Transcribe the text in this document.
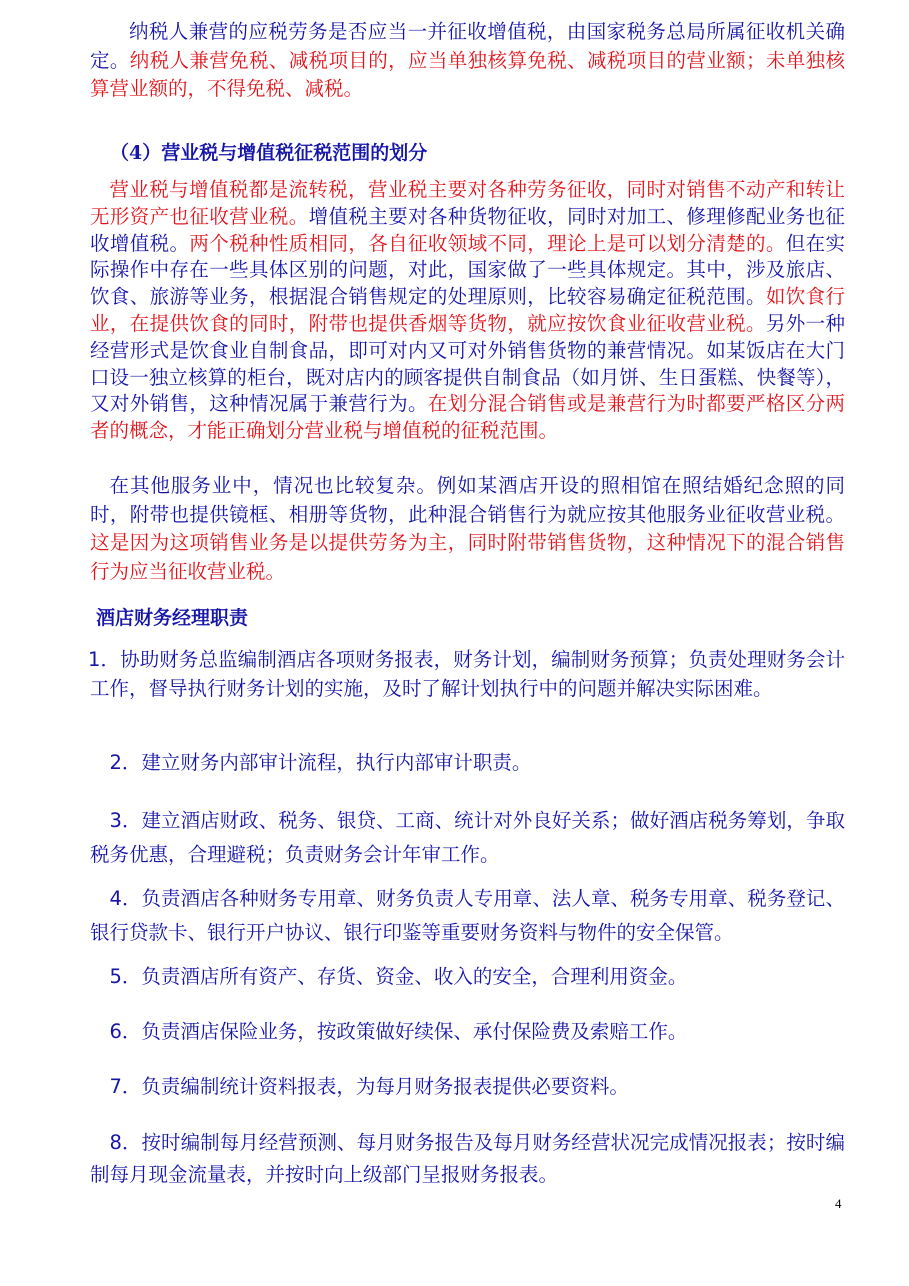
纳税人兼营的应税劳务是否应当一并征收增值税，由国家税务总局所属征收机关确定。纳税人兼营免税、减税项目的，应当单独核算免税、减税项目的营业额；未单独核算营业额的，不得免税、减税。

（4）营业税与增值税征税范围的划分

营业税与增值税都是流转税，营业税主要对各种劳务征收，同时对销售不动产和转让无形资产也征收营业税。增值税主要对各种货物征收，同时对加工、修理修配业务也征收增值税。两个税种性质相同，各自征收领域不同，理论上是可以划分清楚的。但在实际操作中存在一些具体区别的问题，对此，国家做了一些具体规定。其中，涉及旅店、饮食、旅游等业务，根据混合销售规定的处理原则，比较容易确定征税范围。如饮食行业，在提供饮食的同时，附带也提供香烟等货物，就应按饮食业征收营业税。另外一种经营形式是饮食业自制食品，即可对内又可对外销售货物的兼营情况。如某饭店在大门口设一独立核算的柜台，既对店内的顾客提供自制食品（如月饼、生日蛋糕、快餐等），又对外销售，这种情况属于兼营行为。在划分混合销售或是兼营行为时都要严格区分两者的概念，才能正确划分营业税与增值税的征税范围。

在其他服务业中，情况也比较复杂。例如某酒店开设的照相馆在照结婚纪念照的同时，附带也提供镜框、相册等货物，此种混合销售行为就应按其他服务业征收营业税。这是因为这项销售业务是以提供劳务为主，同时附带销售货物，这种情况下的混合销售行为应当征收营业税。

酒店财务经理职责

1．协助财务总监编制酒店各项财务报表，财务计划，编制财务预算；负责处理财务会计工作，督导执行财务计划的实施，及时了解计划执行中的问题并解决实际困难。

2．建立财务内部审计流程，执行内部审计职责。

3．建立酒店财政、税务、银贷、工商、统计对外良好关系；做好酒店税务筹划，争取税务优惠，合理避税；负责财务会计年审工作。

4．负责酒店各种财务专用章、财务负责人专用章、法人章、税务专用章、税务登记、银行贷款卡、银行开户协议、银行印鉴等重要财务资料与物件的安全保管。

5．负责酒店所有资产、存货、资金、收入的安全，合理利用资金。

6．负责酒店保险业务，按政策做好续保、承付保险费及索赔工作。

7．负责编制统计资料报表，为每月财务报表提供必要资料。

8．按时编制每月经营预测、每月财务报告及每月财务经营状况完成情况报表；按时编制每月现金流量表，并按时向上级部门呈报财务报表。

4
